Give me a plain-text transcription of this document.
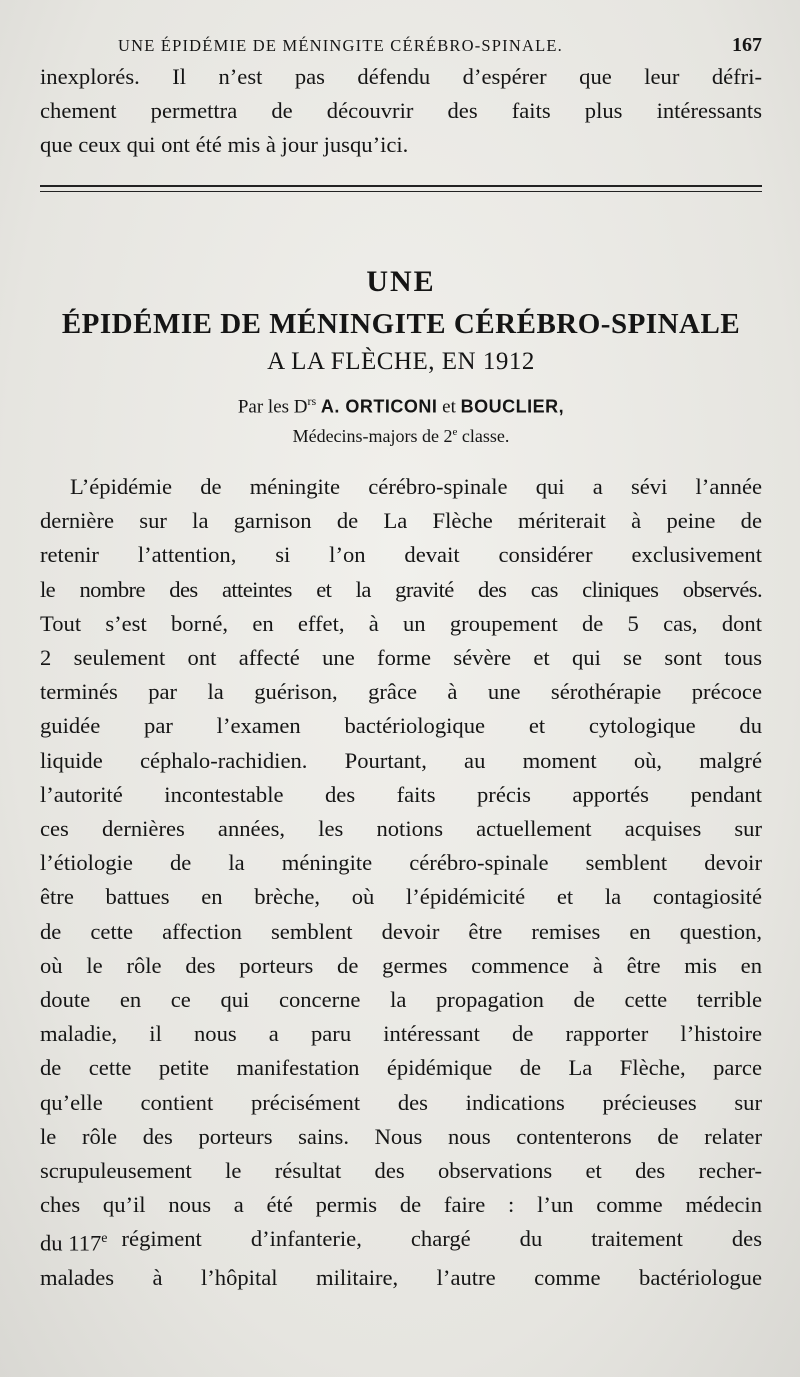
UNE ÉPIDÉMIE DE MÉNINGITE CÉRÉBRO-SPINALE.	167

inexplorés. Il n’est pas défendu d’espérer que leur défri-

chement permettra de découvrir des faits plus intéressants

que ceux qui ont été mis à jour jusqu’ici.

UNE
ÉPIDÉMIE DE MÉNINGITE CÉRÉBRO-SPINALE
A LA FLÈCHE, EN 1912
Par les $D^{rs}$ A. ORTICONI et BOUCLIER,
Médecins-majors de 2e classe.

L’épidémie de méningite cérébro-spinale qui a sévi l’année

dernière sur la garnison de La Flèche mériterait à peine de

retenir l’attention, si l’on devait considérer exclusivement

le nombre des atteintes et la gravité des cas cliniques observés.

Tout s’est borné, en effet, à un groupement de 5 cas, dont

2 seulement ont affecté une forme sévère et qui se sont tous

terminés par la guérison, grâce à une sérothérapie précoce

guidée par l’examen bactériologique et cytologique du

liquide céphalo-rachidien. Pourtant, au moment où, malgré

l’autorité incontestable des faits précis apportés pendant

ces dernières années, les notions actuellement acquises sur

l’étiologie de la méningite cérébro-spinale semblent devoir

être battues en brèche, où l’épidémicité et la contagiosité

de cette affection semblent devoir être remises en question,

où le rôle des porteurs de germes commence à être mis en

doute en ce qui concerne la propagation de cette terrible

maladie, il nous a paru intéressant de rapporter l’histoire

de cette petite manifestation épidémique de La Flèche, parce

qu’elle contient précisément des indications précieuses sur

le rôle des porteurs sains. Nous nous contenterons de relater

scrupuleusement le résultat des observations et des recher-

ches qu’il nous a été permis de faire : l’un comme médecin

du 117e régiment d’infanterie, chargé du traitement des

malades à l’hôpital militaire, l’autre comme bactériologue
